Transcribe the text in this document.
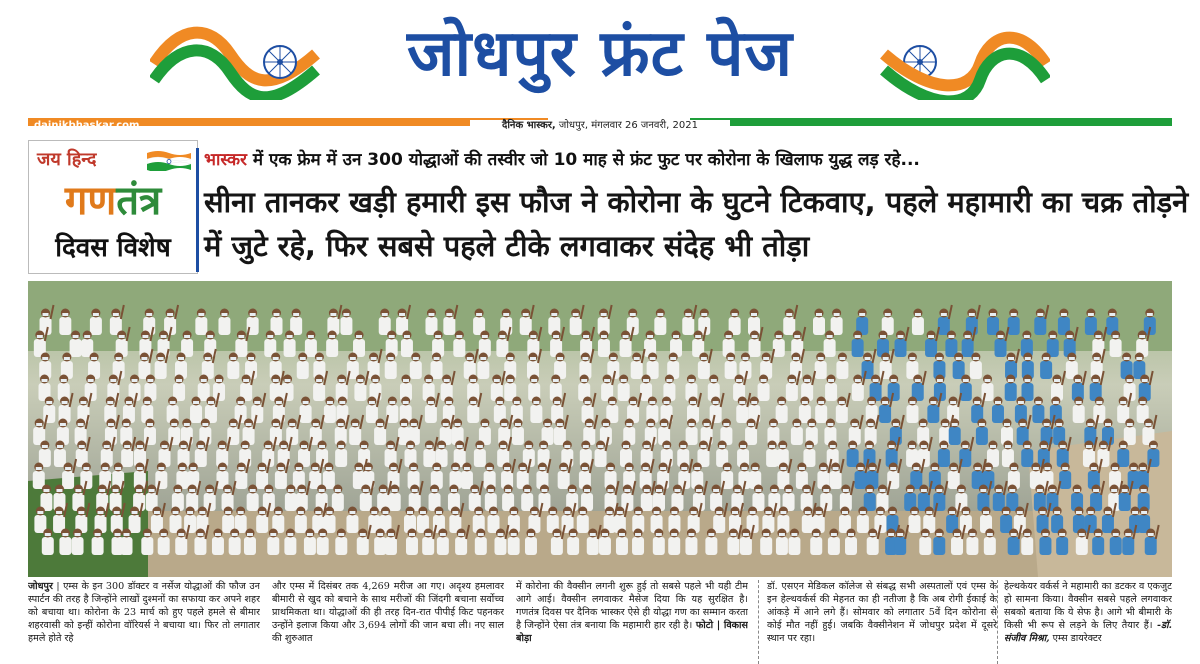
जोधपुर फ्रंट पेज
dainikbhaskar.com	दैनिक भास्कर, जोधपुर, मंगलवार 26 जनवरी, 2021
जय हिन्द
गणतंत्र
दिवस विशेष
भास्कर में एक फ्रेम में उन 300 योद्धाओं की तस्वीर जो 10 माह से फ्रंट फुट पर कोरोना के खिलाफ युद्ध लड़ रहे...
सीना तानकर खड़ी हमारी इस फौज ने कोरोना के घुटने टिकवाए, पहले महामारी का चक्र तोड़ने में जुटे रहे, फिर सबसे पहले टीके लगवाकर संदेह भी तोड़ा
जोधपुर | एम्स के इन 300 डॉक्टर व नर्सेज योद्धाओं की फौज उन स्पार्टन की तरह है जिन्होंने लाखों दुश्मनों का सफाया कर अपने शहर को बचाया था। कोरोना के 23 मार्च को हुए पहले हमले से बीमार शहरवासी को इन्हीं कोरोना वॉरियर्स ने बचाया था। फिर तो लगातार हमले होते रहे
और एम्स में दिसंबर तक 4,269 मरीज आ गए। अदृश्य हमलावर बीमारी से खुद को बचाने के साथ मरीजों की जिंदगी बचाना सर्वोच्च प्राथमिकता था। योद्धाओं की ही तरह दिन-रात पीपीई किट पहनकर उन्होंने इलाज किया और 3,694 लोगों की जान बचा ली। नए साल की शुरुआत
में कोरोना की वैक्सीन लगनी शुरू हुई तो सबसे पहले भी यही टीम आगे आई। वैक्सीन लगवाकर मैसेज दिया कि यह सुरक्षित है। गणतंत्र दिवस पर दैनिक भास्कर ऐसे ही योद्धा गण का सम्मान करता है जिन्होंने ऐसा तंत्र बनाया कि महामारी हार रही है। फोटो | विकास बोड़ा
डॉ. एसएन मेडिकल कॉलेज से संबद्ध सभी अस्पतालों एवं एम्स के इन हेल्थवर्कर्स की मेहनत का ही नतीजा है कि अब रोगी ईकाई के आंकड़े में आने लगे हैं। सोमवार को लगातार 5वें दिन कोरोना से कोई मौत नहीं हुई। जबकि वैक्सीनेशन में जोधपुर प्रदेश में दूसरे स्थान पर रहा।
हेल्थकेयर वर्कर्स ने महामारी का डटकर व एकजुट हो सामना किया। वैक्सीन सबसे पहले लगवाकर सबको बताया कि ये सेफ है। आगे भी बीमारी के किसी भी रूप से लड़ने के लिए तैयार हैं। -डॉ. संजीव मिश्रा, एम्स डायरेक्टर
